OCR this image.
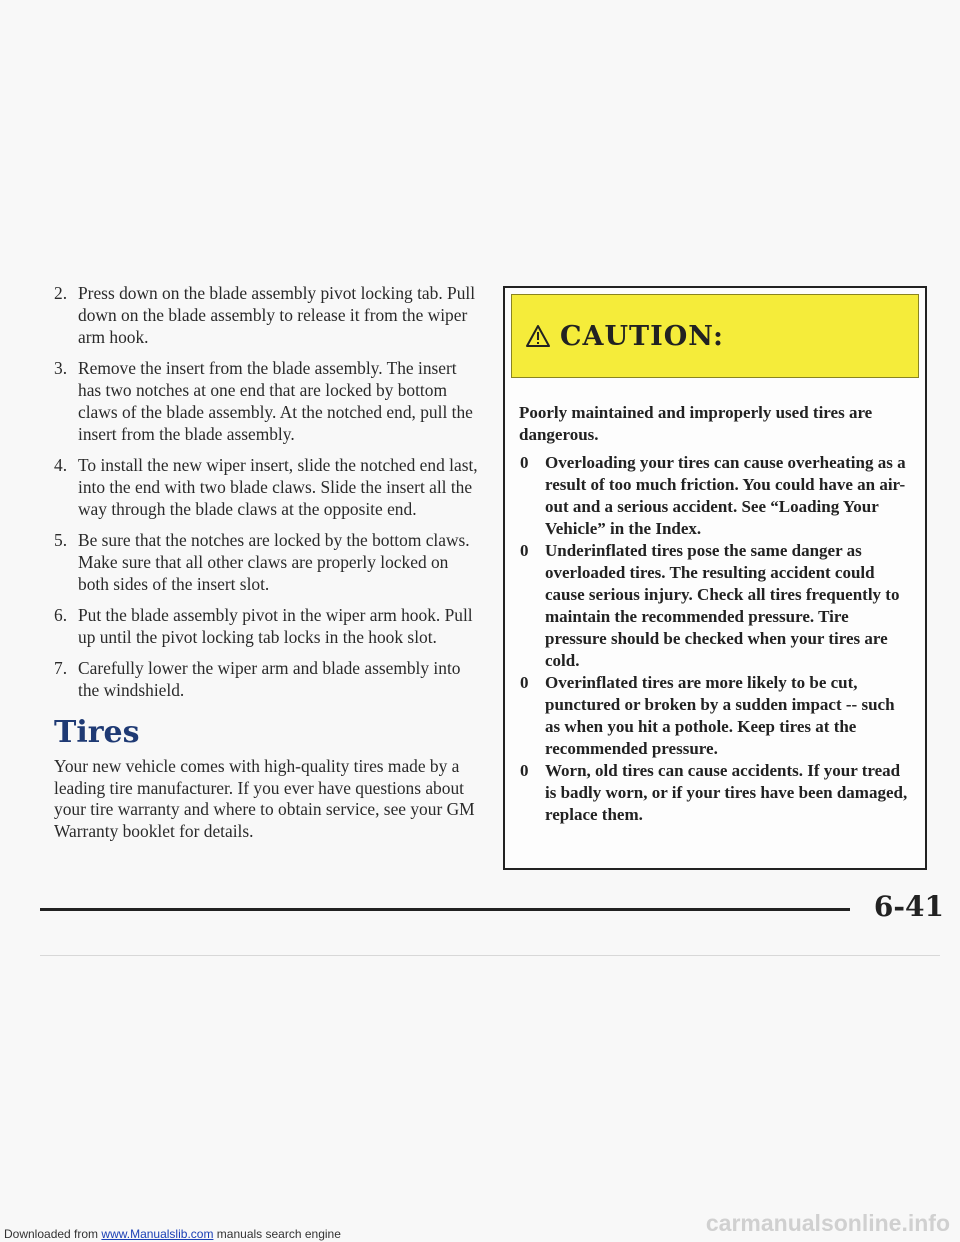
2. Press down on the blade assembly pivot locking tab. Pull down on the blade assembly to release it from the wiper arm hook.
3. Remove the insert from the blade assembly. The insert has two notches at one end that are locked by bottom claws of the blade assembly. At the notched end, pull the insert from the blade assembly.
4. To install the new wiper insert, slide the notched end last, into the end with two blade claws. Slide the insert all the way through the blade claws at the opposite end.
5. Be sure that the notches are locked by the bottom claws. Make sure that all other claws are properly locked on both sides of the insert slot.
6. Put the blade assembly pivot in the wiper arm hook. Pull up until the pivot locking tab locks in the hook slot.
7. Carefully lower the wiper arm and blade assembly into the windshield.
Tires

Your new vehicle comes with high-quality tires made by a leading tire manufacturer. If you ever have questions about your tire warranty and where to obtain service, see your GM Warranty booklet for details.

CAUTION:

Poorly maintained and improperly used tires are dangerous.

0 Overloading your tires can cause overheating as a result of too much friction. You could have an air-out and a serious accident. See “Loading Your Vehicle” in the Index.
0 Underinflated tires pose the same danger as overloaded tires. The resulting accident could cause serious injury. Check all tires frequently to maintain the recommended pressure. Tire pressure should be checked when your tires are cold.
0 Overinflated tires are more likely to be cut, punctured or broken by a sudden impact -- such as when you hit a pothole. Keep tires at the recommended pressure.
0 Worn, old tires can cause accidents. If your tread is badly worn, or if your tires have been damaged, replace them.
6-41
Downloaded from www.Manualslib.com manuals search engine	carmanualsonline.info
